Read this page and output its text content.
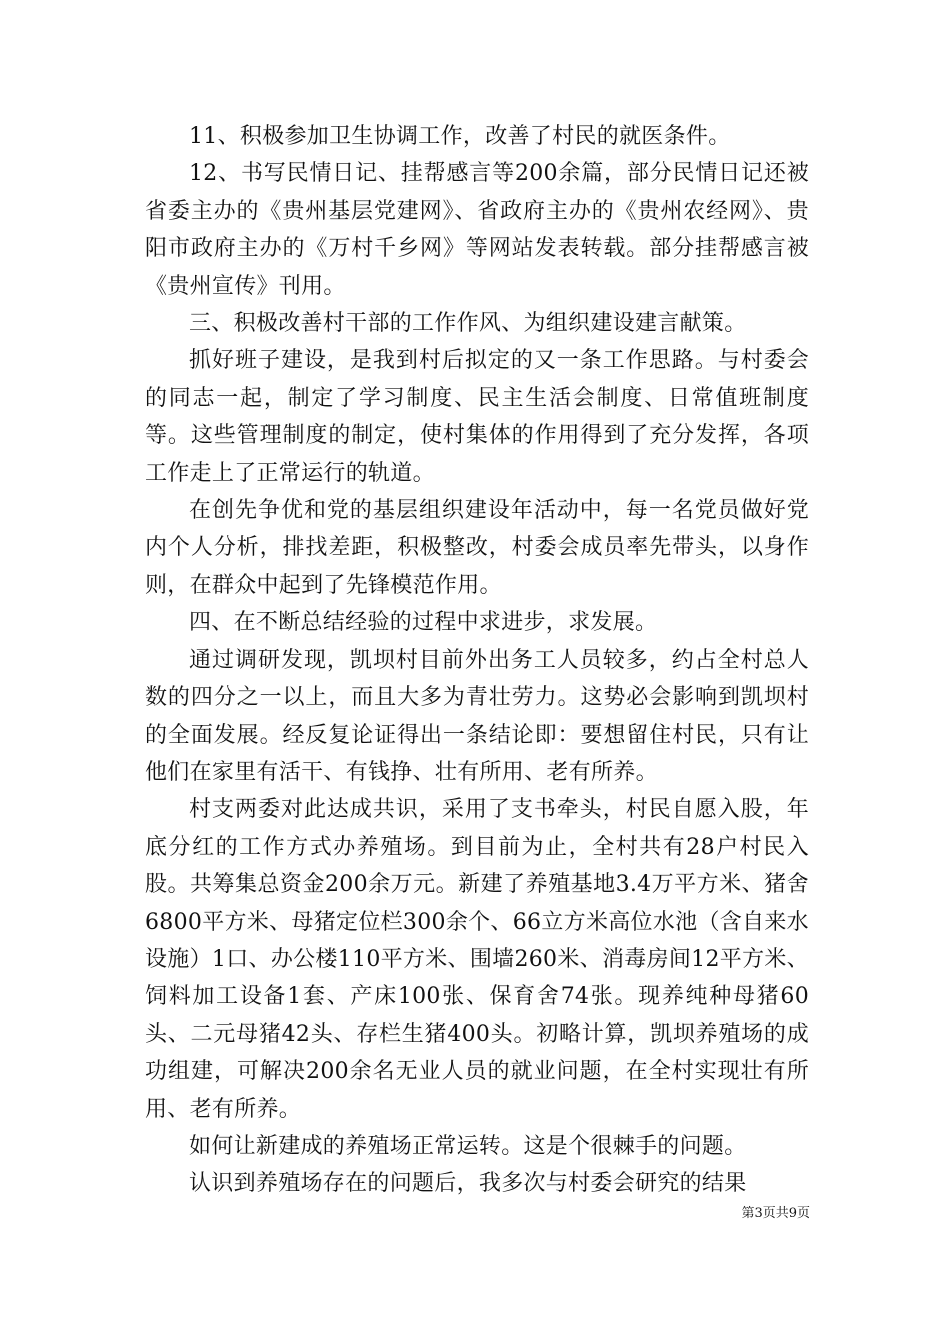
11、积极参加卫生协调工作，改善了村民的就医条件。

12、书写民情日记、挂帮感言等200余篇，部分民情日记还被省委主办的《贵州基层党建网》、省政府主办的《贵州农经网》、贵阳市政府主办的《万村千乡网》等网站发表转载。部分挂帮感言被《贵州宣传》刊用。

三、积极改善村干部的工作作风、为组织建设建言献策。

抓好班子建设，是我到村后拟定的又一条工作思路。与村委会的同志一起，制定了学习制度、民主生活会制度、日常值班制度等。这些管理制度的制定，使村集体的作用得到了充分发挥，各项工作走上了正常运行的轨道。

在创先争优和党的基层组织建设年活动中，每一名党员做好党内个人分析，排找差距，积极整改，村委会成员率先带头，以身作则，在群众中起到了先锋模范作用。

四、在不断总结经验的过程中求进步，求发展。

通过调研发现，凯坝村目前外出务工人员较多，约占全村总人数的四分之一以上，而且大多为青壮劳力。这势必会影响到凯坝村的全面发展。经反复论证得出一条结论即：要想留住村民，只有让他们在家里有活干、有钱挣、壮有所用、老有所养。

村支两委对此达成共识，采用了支书牵头，村民自愿入股，年底分红的工作方式办养殖场。到目前为止，全村共有28户村民入股。共筹集总资金200余万元。新建了养殖基地3.4万平方米、猪舍6800平方米、母猪定位栏300余个、66立方米高位水池（含自来水设施）1口、办公楼110平方米、围墙260米、消毒房间12平方米、饲料加工设备1套、产床100张、保育舍74张。现养纯种母猪60头、二元母猪42头、存栏生猪400头。初略计算，凯坝养殖场的成功组建，可解决200余名无业人员的就业问题，在全村实现壮有所用、老有所养。

如何让新建成的养殖场正常运转。这是个很棘手的问题。

认识到养殖场存在的问题后，我多次与村委会研究的结果

第3页共9页
